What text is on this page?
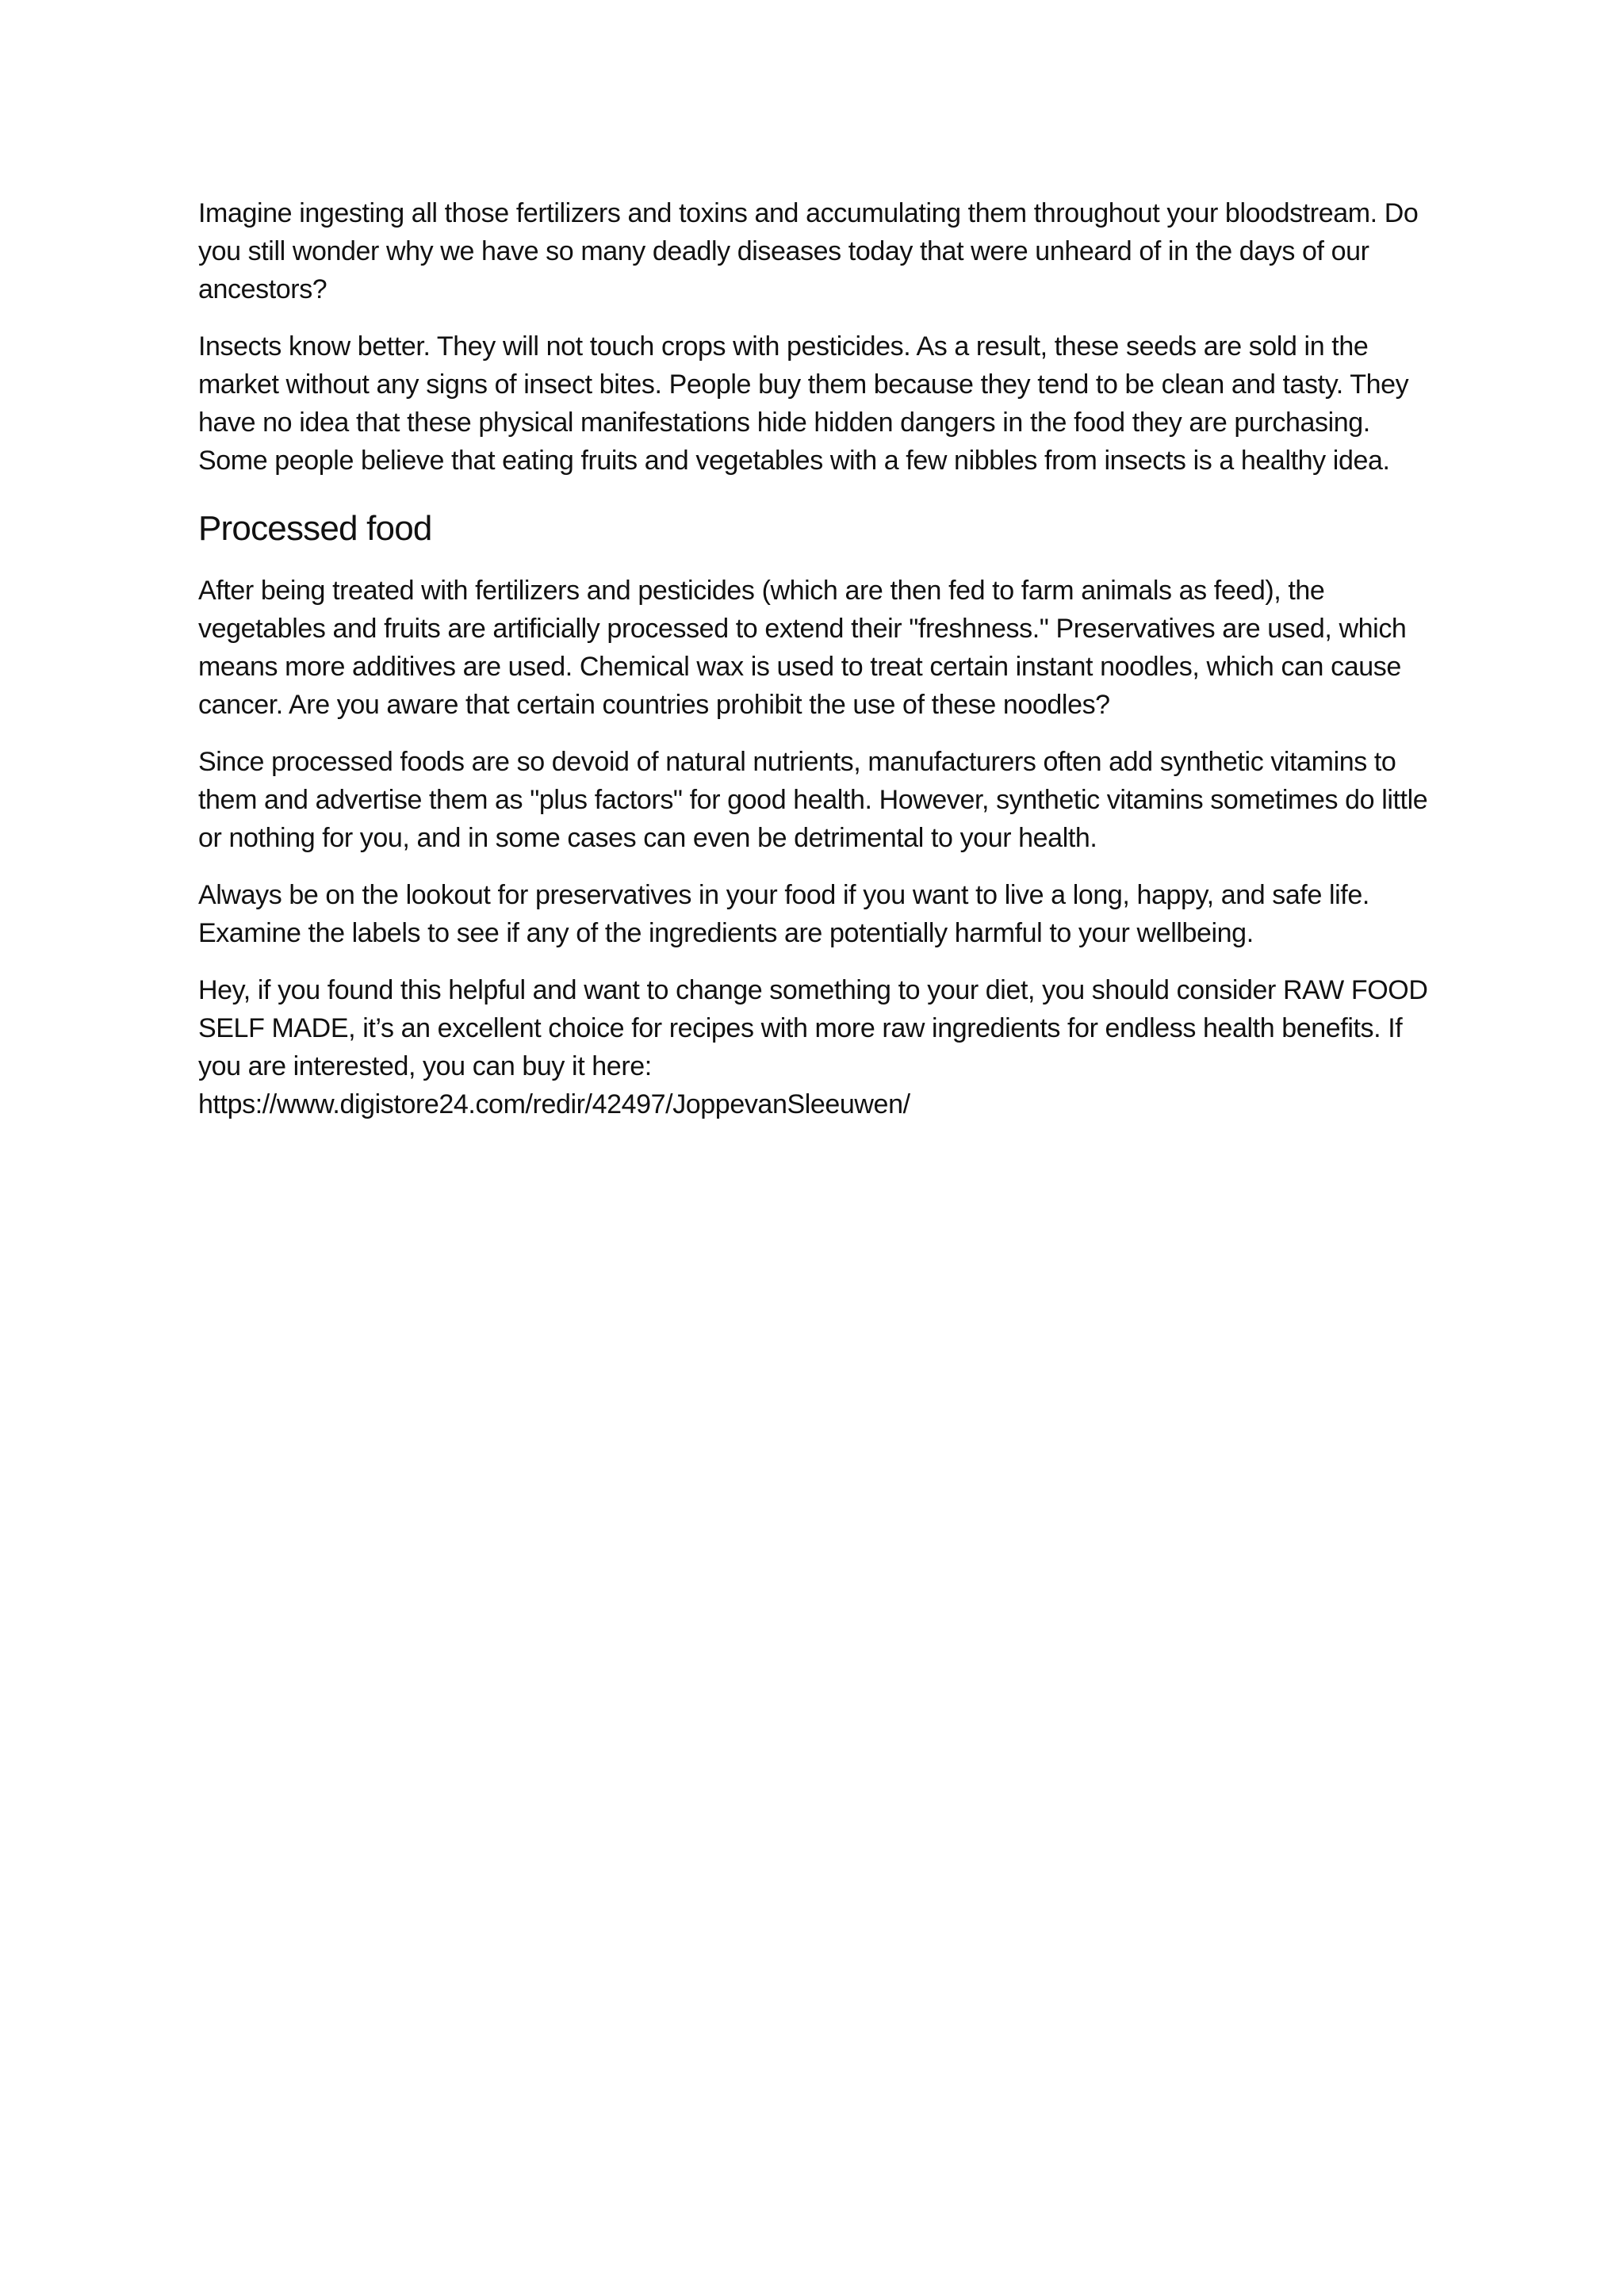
Imagine ingesting all those fertilizers and toxins and accumulating them throughout your bloodstream. Do you still wonder why we have so many deadly diseases today that were unheard of in the days of our ancestors?

Insects know better. They will not touch crops with pesticides. As a result, these seeds are sold in the market without any signs of insect bites. People buy them because they tend to be clean and tasty. They have no idea that these physical manifestations hide hidden dangers in the food they are purchasing. Some people believe that eating fruits and vegetables with a few nibbles from insects is a healthy idea.

Processed food

After being treated with fertilizers and pesticides (which are then fed to farm animals as feed), the vegetables and fruits are artificially processed to extend their "freshness." Preservatives are used, which means more additives are used. Chemical wax is used to treat certain instant noodles, which can cause cancer. Are you aware that certain countries prohibit the use of these noodles?

Since processed foods are so devoid of natural nutrients, manufacturers often add synthetic vitamins to them and advertise them as "plus factors" for good health. However, synthetic vitamins sometimes do little or nothing for you, and in some cases can even be detrimental to your health.

Always be on the lookout for preservatives in your food if you want to live a long, happy, and safe life. Examine the labels to see if any of the ingredients are potentially harmful to your wellbeing.

Hey, if you found this helpful and want to change something to your diet, you should consider RAW FOOD SELF MADE, it’s an excellent choice for recipes with more raw ingredients for endless health benefits. If you are interested, you can buy it here:
https://www.digistore24.com/redir/42497/JoppevanSleeuwen/
